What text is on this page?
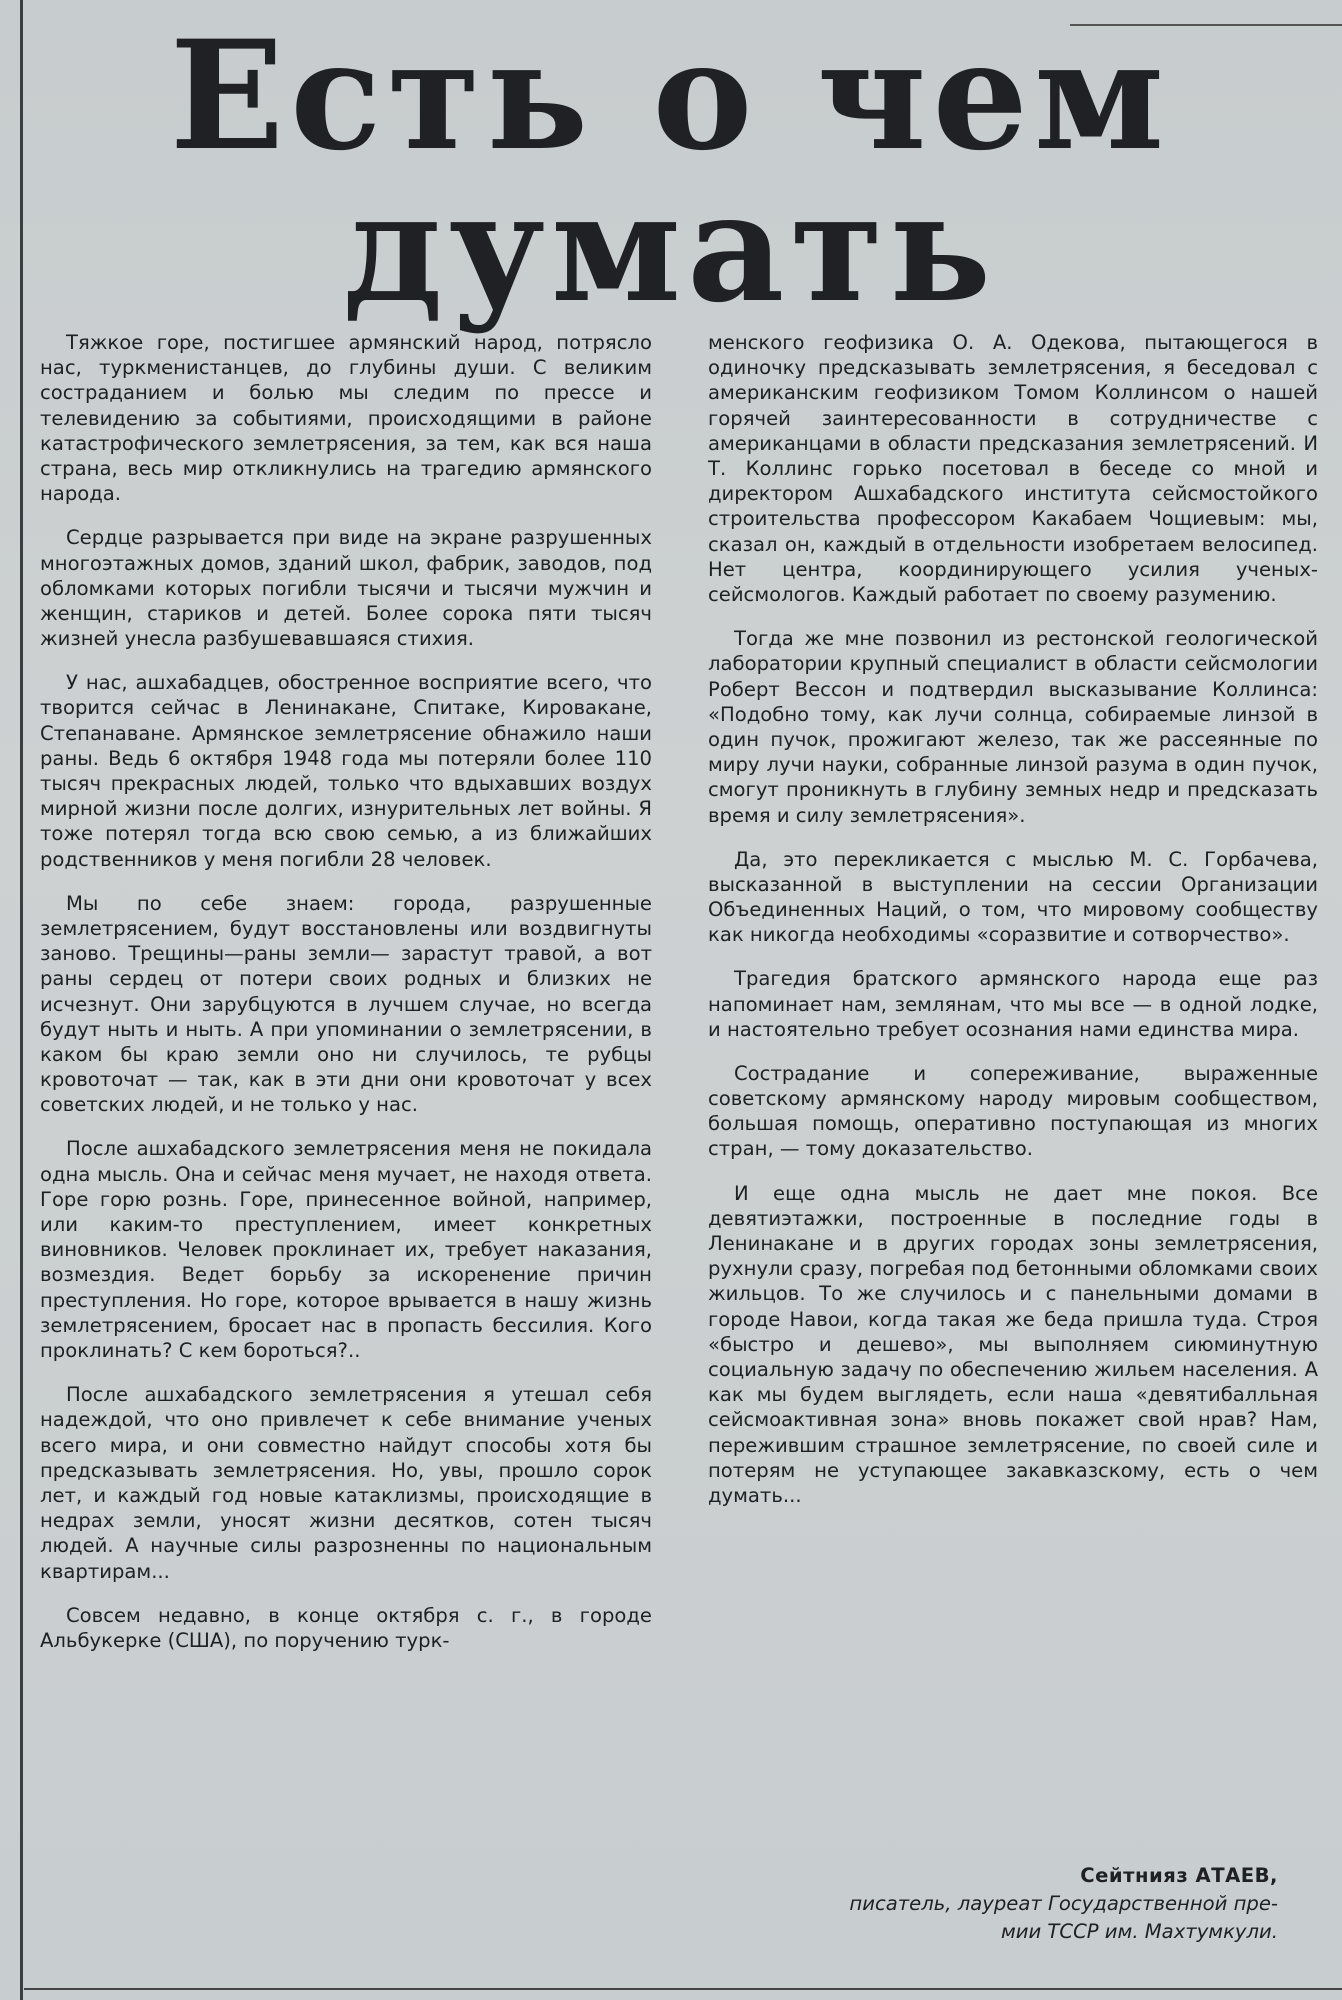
Есть о чем думать

Тяжкое горе, постигшее армянский народ, потрясло нас, туркменистанцев, до глубины души. С великим состраданием и болью мы следим по прессе и телевидению за событиями, происходящими в районе катастрофического землетрясения, за тем, как вся наша страна, весь мир откликнулись на трагедию армянского народа.

Сердце разрывается при виде на экране разрушенных многоэтажных домов, зданий школ, фабрик, заводов, под обломками которых погибли тысячи и тысячи мужчин и женщин, стариков и детей. Более сорока пяти тысяч жизней унесла разбушевавшаяся стихия.

У нас, ашхабадцев, обостренное восприятие всего, что творится сейчас в Ленинакане, Спитаке, Кировакане, Степанаване. Армянское землетрясение обнажило наши раны. Ведь 6 октября 1948 года мы потеряли более 110 тысяч прекрасных людей, только что вдыхавших воздух мирной жизни после долгих, изнурительных лет войны. Я тоже потерял тогда всю свою семью, а из ближайших родственников у меня погибли 28 человек.

Мы по себе знаем: города, разрушенные землетрясением, будут восстановлены или воздвигнуты заново. Трещины—раны земли— зарастут травой, а вот раны сердец от потери своих родных и близких не исчезнут. Они зарубцуются в лучшем случае, но всегда будут ныть и ныть. А при упоминании о землетрясении, в каком бы краю земли оно ни случилось, те рубцы кровоточат — так, как в эти дни они кровоточат у всех советских людей, и не только у нас.

После ашхабадского землетрясения меня не покидала одна мысль. Она и сейчас меня мучает, не находя ответа. Горе горю рознь. Горе, принесенное войной, например, или каким-то преступлением, имеет конкретных виновников. Человек проклинает их, требует наказания, возмездия. Ведет борьбу за искоренение причин преступления. Но горе, которое врывается в нашу жизнь землетрясением, бросает нас в пропасть бессилия. Кого проклинать? С кем бороться?..

После ашхабадского землетрясения я утешал себя надеждой, что оно привлечет к себе внимание ученых всего мира, и они совместно найдут способы хотя бы предсказывать землетрясения. Но, увы, прошло сорок лет, и каждый год новые катаклизмы, происходящие в недрах земли, уносят жизни десятков, сотен тысяч людей. А научные силы разрозненны по национальным квартирам...

Совсем недавно, в конце октября с. г., в городе Альбукерке (США), по поручению турк-

менского геофизика О. А. Одекова, пытающегося в одиночку предсказывать землетрясения, я беседовал с американским геофизиком Томом Коллинсом о нашей горячей заинтересованности в сотрудничестве с американцами в области предсказания землетрясений. И Т. Коллинс горько посетовал в беседе со мной и директором Ашхабадского института сейсмостойкого строительства профессором Какабаем Чощиевым: мы, сказал он, каждый в отдельности изобретаем велосипед. Нет центра, координирующего усилия ученых-сейсмологов. Каждый работает по своему разумению.

Тогда же мне позвонил из рестонской геологической лаборатории крупный специалист в области сейсмологии Роберт Вессон и подтвердил высказывание Коллинса: «Подобно тому, как лучи солнца, собираемые линзой в один пучок, прожигают железо, так же рассеянные по миру лучи науки, собранные линзой разума в один пучок, смогут проникнуть в глубину земных недр и предсказать время и силу землетрясения».

Да, это перекликается с мыслью М. С. Горбачева, высказанной в выступлении на сессии Организации Объединенных Наций, о том, что мировому сообществу как никогда необходимы «соразвитие и сотворчество».

Трагедия братского армянского народа еще раз напоминает нам, землянам, что мы все — в одной лодке, и настоятельно требует осознания нами единства мира.

Сострадание и сопереживание, выраженные советскому армянскому народу мировым сообществом, большая помощь, оперативно поступающая из многих стран, — тому доказательство.

И еще одна мысль не дает мне покоя. Все девятиэтажки, построенные в последние годы в Ленинакане и в других городах зоны землетрясения, рухнули сразу, погребая под бетонными обломками своих жильцов. То же случилось и с панельными домами в городе Навои, когда такая же беда пришла туда. Строя «быстро и дешево», мы выполняем сиюминутную социальную задачу по обеспечению жильем населения. А как мы будем выглядеть, если наша «девятибалльная сейсмоактивная зона» вновь покажет свой нрав? Нам, пережившим страшное землетрясение, по своей силе и потерям не уступающее закавказскому, есть о чем думать...

Сейтнияз АТАЕВ,
писатель, лауреат Государственной пре-
мии ТССР им. Махтумкули.
